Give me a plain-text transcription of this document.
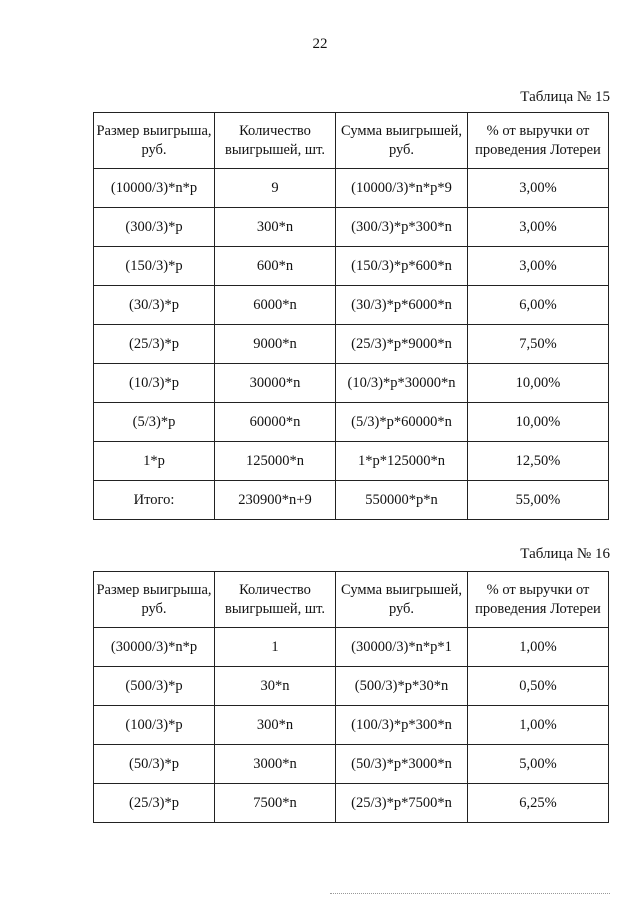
22
Таблица № 15
Размер выигрыша, руб.	Количество выигрышей, шт.	Сумма выигрышей, руб.	% от выручки от проведения Лотереи
(10000/3)*n*p	9	(10000/3)*n*p*9	3,00%
(300/3)*p	300*n	(300/3)*p*300*n	3,00%
(150/3)*p	600*n	(150/3)*p*600*n	3,00%
(30/3)*p	6000*n	(30/3)*p*6000*n	6,00%
(25/3)*p	9000*n	(25/3)*p*9000*n	7,50%
(10/3)*p	30000*n	(10/3)*p*30000*n	10,00%
(5/3)*p	60000*n	(5/3)*p*60000*n	10,00%
1*p	125000*n	1*p*125000*n	12,50%
Итого:	230900*n+9	550000*p*n	55,00%
Таблица № 16
Размер выигрыша, руб.	Количество выигрышей, шт.	Сумма выигрышей, руб.	% от выручки от проведения Лотереи
(30000/3)*n*p	1	(30000/3)*n*p*1	1,00%
(500/3)*p	30*n	(500/3)*p*30*n	0,50%
(100/3)*p	300*n	(100/3)*p*300*n	1,00%
(50/3)*p	3000*n	(50/3)*p*3000*n	5,00%
(25/3)*p	7500*n	(25/3)*p*7500*n	6,25%
